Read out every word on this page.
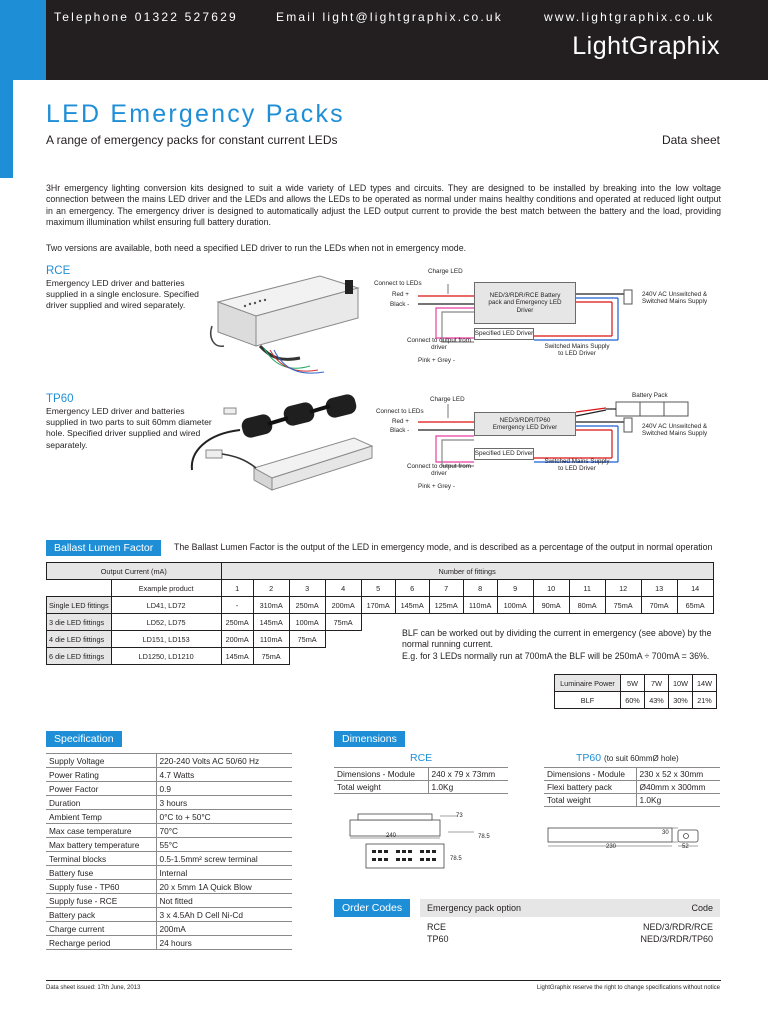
Telephone 01322 527629	Email light@lightgraphix.co.uk	www.lightgraphix.co.uk
LightGraphix
LED Emergency Packs
A range of emergency packs for constant current LEDs	Data sheet
3Hr emergency lighting conversion kits designed to suit a wide variety of LED types and circuits. They are designed to be installed by breaking into the low voltage connection between the mains LED driver and the LEDs and allows the LEDs to be operated as normal under mains healthy conditions and operated at reduced light output in an emergency. The emergency driver is designed to automatically adjust the LED output current to provide the best match between the battery and the load, providing maximum illumination whilst ensuring full battery duration.
Two versions are available, both need a specified LED driver to run the LEDs when not in emergency mode.
RCE
Emergency LED driver and batteries supplied in a single enclosure. Specified driver supplied and wired separately.
Charge LED
Connect to LEDs
Red +
Black -
NED/3/RDR/RCE Battery pack and Emergency LED Driver
240V AC Unswitched & Switched Mains Supply
Specified LED Driver
Connect to output from driver
Pink + Grey -
Switched Mains Supply to LED Driver
TP60
Emergency LED driver and batteries supplied in two parts to suit 60mm diameter hole. Specified driver supplied and wired separately.
Battery Pack
Charge LED
Connect to LEDs
Red +
Black -
NED/3/RDR/TP60 Emergency LED Driver	240V AC Unswitched & Switched Mains Supply
Specified LED Driver
Connect to output from driver
Pink + Grey -
Switched Mains Supply to LED Driver
Ballast Lumen Factor	The Ballast Lumen Factor is the output of the LED in emergency mode, and is described as a percentage of the output in normal operation
Output Current (mA)		Number of fittings													
	Example product	1	2	3	4	5	6	7	8	9	10	11	12	13	14
Single LED fittings	LD41, LD72	-	310mA	250mA	200mA	170mA	145mA	125mA	110mA	100mA	90mA	80mA	75mA	70mA	65mA
3 die LED fittings	LD52, LD75	250mA	145mA	100mA	75mA										
4 die LED fittings	LD151, LD153	200mA	110mA	75mA											
6 die LED fittings	LD1250, LD1210	145mA	75mA												
BLF can be worked out by dividing the current in emergency (see above) by the normal running current.
E.g. for 3 LEDs normally run at 700mA the BLF will be 250mA ÷ 700mA = 36%.
Luminaire Power	5W	7W	10W	14W
BLF	60%	43%	30%	21%
Specification
Supply Voltage	220-240 Volts AC 50/60 Hz
Power Rating	4.7 Watts
Power Factor	0.9
Duration	3 hours
Ambient Temp	0°C to + 50°C
Max case temperature	70°C
Max battery temperature	55°C
Terminal blocks	0.5-1.5mm² screw terminal
Battery fuse	Internal
Supply fuse - TP60	20 x 5mm 1A Quick Blow
Supply fuse - RCE	Not fitted
Battery pack	3 x 4.5Ah D Cell Ni-Cd
Charge current	200mA
Recharge period	24 hours
Dimensions
RCE
Dimensions - Module	240 x 79 x 73mm
Total weight	1.0Kg
73
240	78.5
78.5
TP60 (to suit 60mmØ hole)
Dimensions - Module	230 x 52 x 30mm
Flexi battery pack	Ø40mm x 300mm
Total weight	1.0Kg
30
230	52
Order Codes	Emergency pack option	Code
RCE	NED/3/RDR/RCE
TP60	NED/3/RDR/TP60
Data sheet issued: 17th June, 2013	LightGraphix reserve the right to change specifications without notice
